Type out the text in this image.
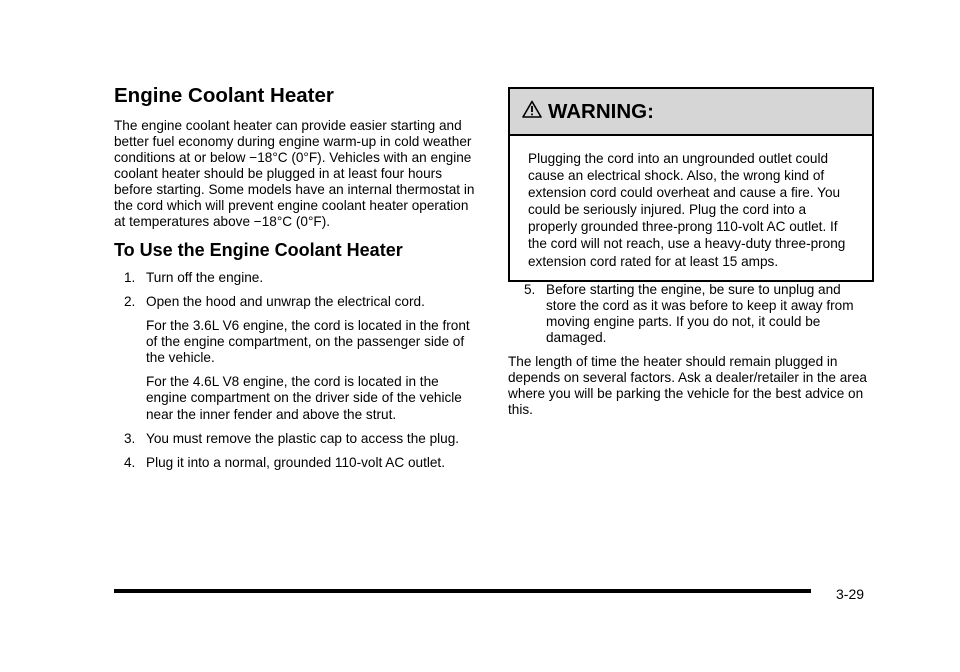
Engine Coolant Heater

The engine coolant heater can provide easier starting and better fuel economy during engine warm-up in cold weather conditions at or below −18°C (0°F). Vehicles with an engine coolant heater should be plugged in at least four hours before starting. Some models have an internal thermostat in the cord which will prevent engine coolant heater operation at temperatures above −18°C (0°F).

To Use the Engine Coolant Heater
1. Turn off the engine.
2. Open the hood and unwrap the electrical cord.

For the 3.6L V6 engine, the cord is located in the front of the engine compartment, on the passenger side of the vehicle.

For the 4.6L V8 engine, the cord is located in the engine compartment on the driver side of the vehicle near the inner fender and above the strut.

3. You must remove the plastic cap to access the plug.
4. Plug it into a normal, grounded 110-volt AC outlet.
WARNING:

Plugging the cord into an ungrounded outlet could cause an electrical shock. Also, the wrong kind of extension cord could overheat and cause a fire. You could be seriously injured. Plug the cord into a properly grounded three-prong 110-volt AC outlet. If the cord will not reach, use a heavy-duty three-prong extension cord rated for at least 15 amps.

5. Before starting the engine, be sure to unplug and store the cord as it was before to keep it away from moving engine parts. If you do not, it could be damaged.

The length of time the heater should remain plugged in depends on several factors. Ask a dealer/retailer in the area where you will be parking the vehicle for the best advice on this.

3-29
